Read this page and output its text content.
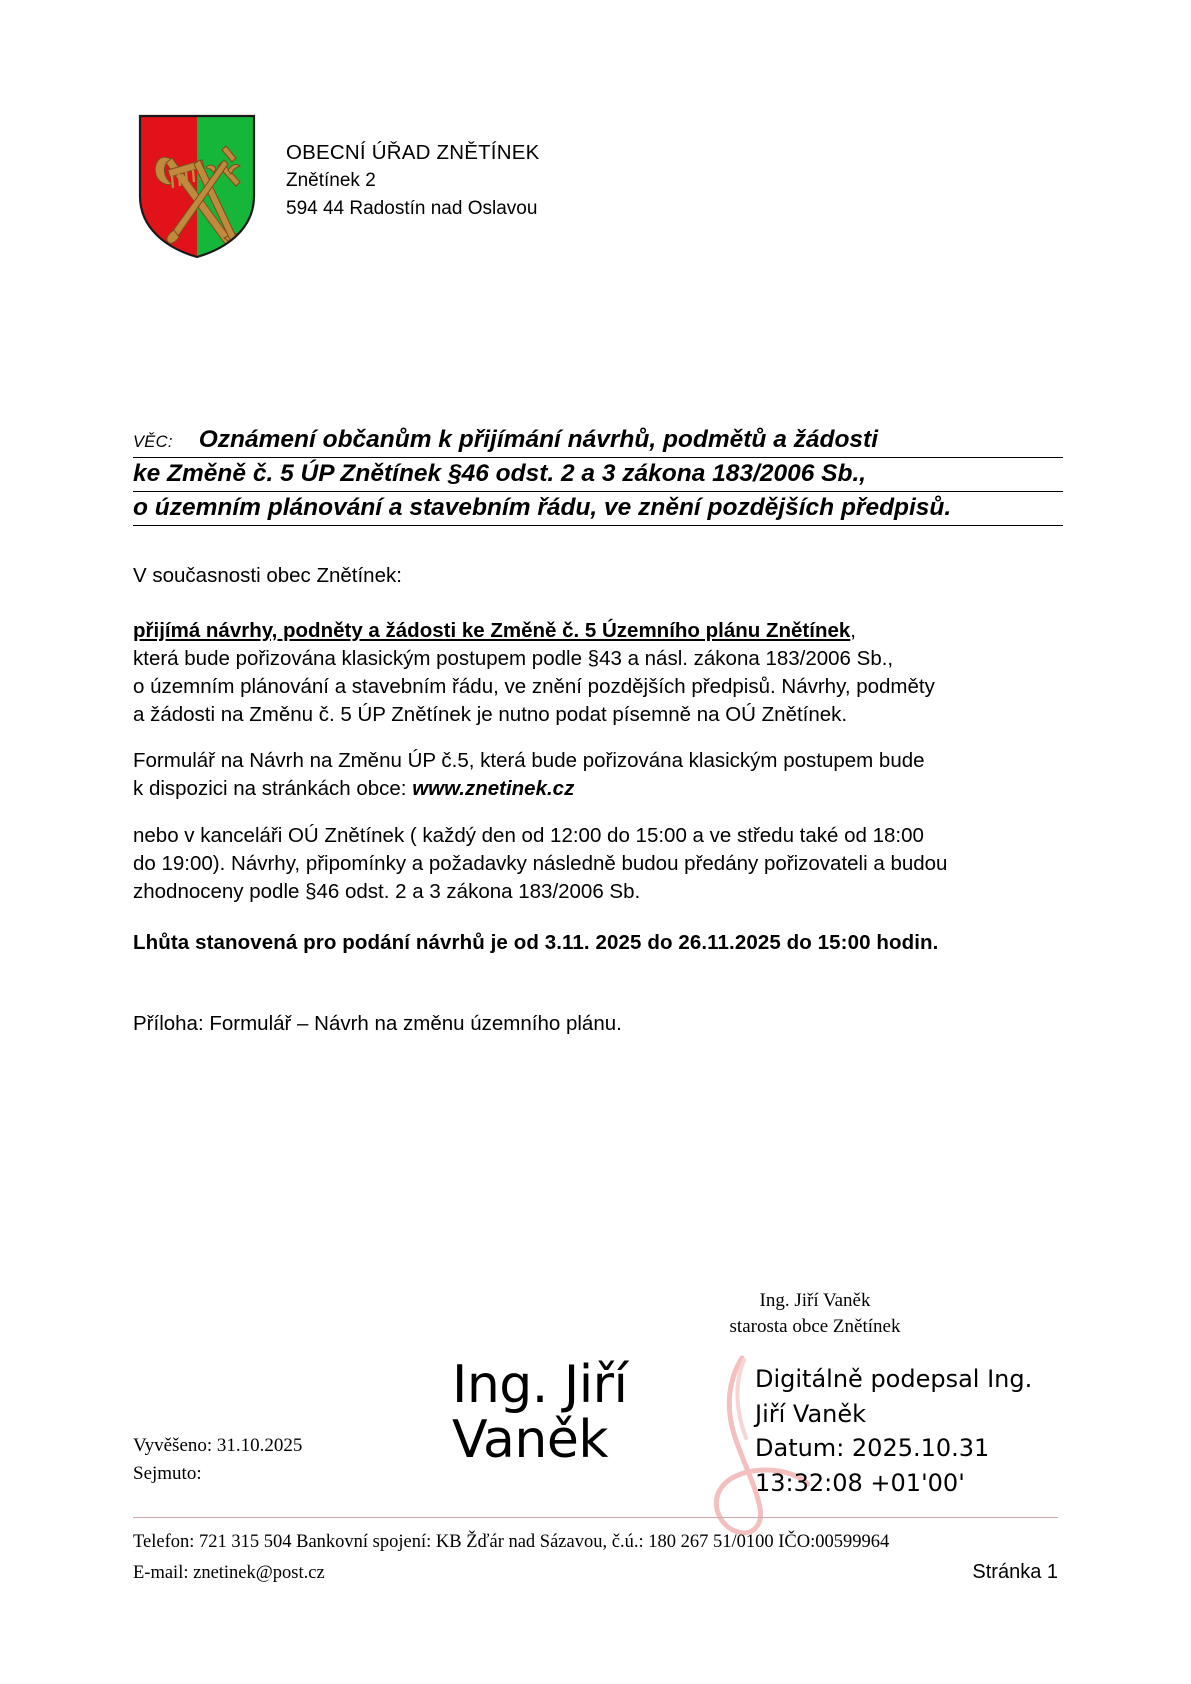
OBECNÍ ÚŘAD ZNĚTÍNEK
Znětínek 2
594 44 Radostín nad Oslavou
VĚC: Oznámení občanům k přijímání návrhů, podmětů a žádosti
ke Změně č. 5 ÚP Znětínek §46 odst. 2 a 3 zákona 183/2006 Sb.,
o územním plánování a stavebním řádu, ve znění pozdějších předpisů.

V současnosti obec Znětínek:

přijímá návrhy, podněty a žádosti ke Změně č. 5 Územního plánu Znětínek,
která bude pořizována klasickým postupem podle §43 a násl. zákona 183/2006 Sb.,
o územním plánování a stavebním řádu, ve znění pozdějších předpisů. Návrhy, podměty
a žádosti na Změnu č. 5 ÚP Znětínek je nutno podat písemně na OÚ Znětínek.

Formulář na Návrh na Změnu ÚP č.5, která bude pořizována klasickým postupem bude
k dispozici na stránkách obce: www.znetinek.cz

nebo v kanceláři OÚ Znětínek ( každý den od 12:00 do 15:00 a ve středu také od 18:00
do 19:00). Návrhy, připomínky a požadavky následně budou předány pořizovateli a budou
zhodnoceny podle §46 odst. 2 a 3 zákona 183/2006 Sb.

Lhůta stanovená pro podání návrhů je od 3.11. 2025 do 26.11.2025 do 15:00 hodin.

Příloha: Formulář – Návrh na změnu územního plánu.
Ing. Jiří Vaněk
starosta obce Znětínek
Ing. Jiří
Vaněk
Digitálně podepsal Ing.
Jiří Vaněk
Datum: 2025.10.31
13:32:08 +01'00'
Vyvěšeno: 31.10.2025
Sejmuto:
Telefon: 721 315 504 Bankovní spojení: KB Žďár nad Sázavou, č.ú.: 180 267 51/0100 IČO:00599964
E-mail: znetinek@post.cz	Stránka 1
